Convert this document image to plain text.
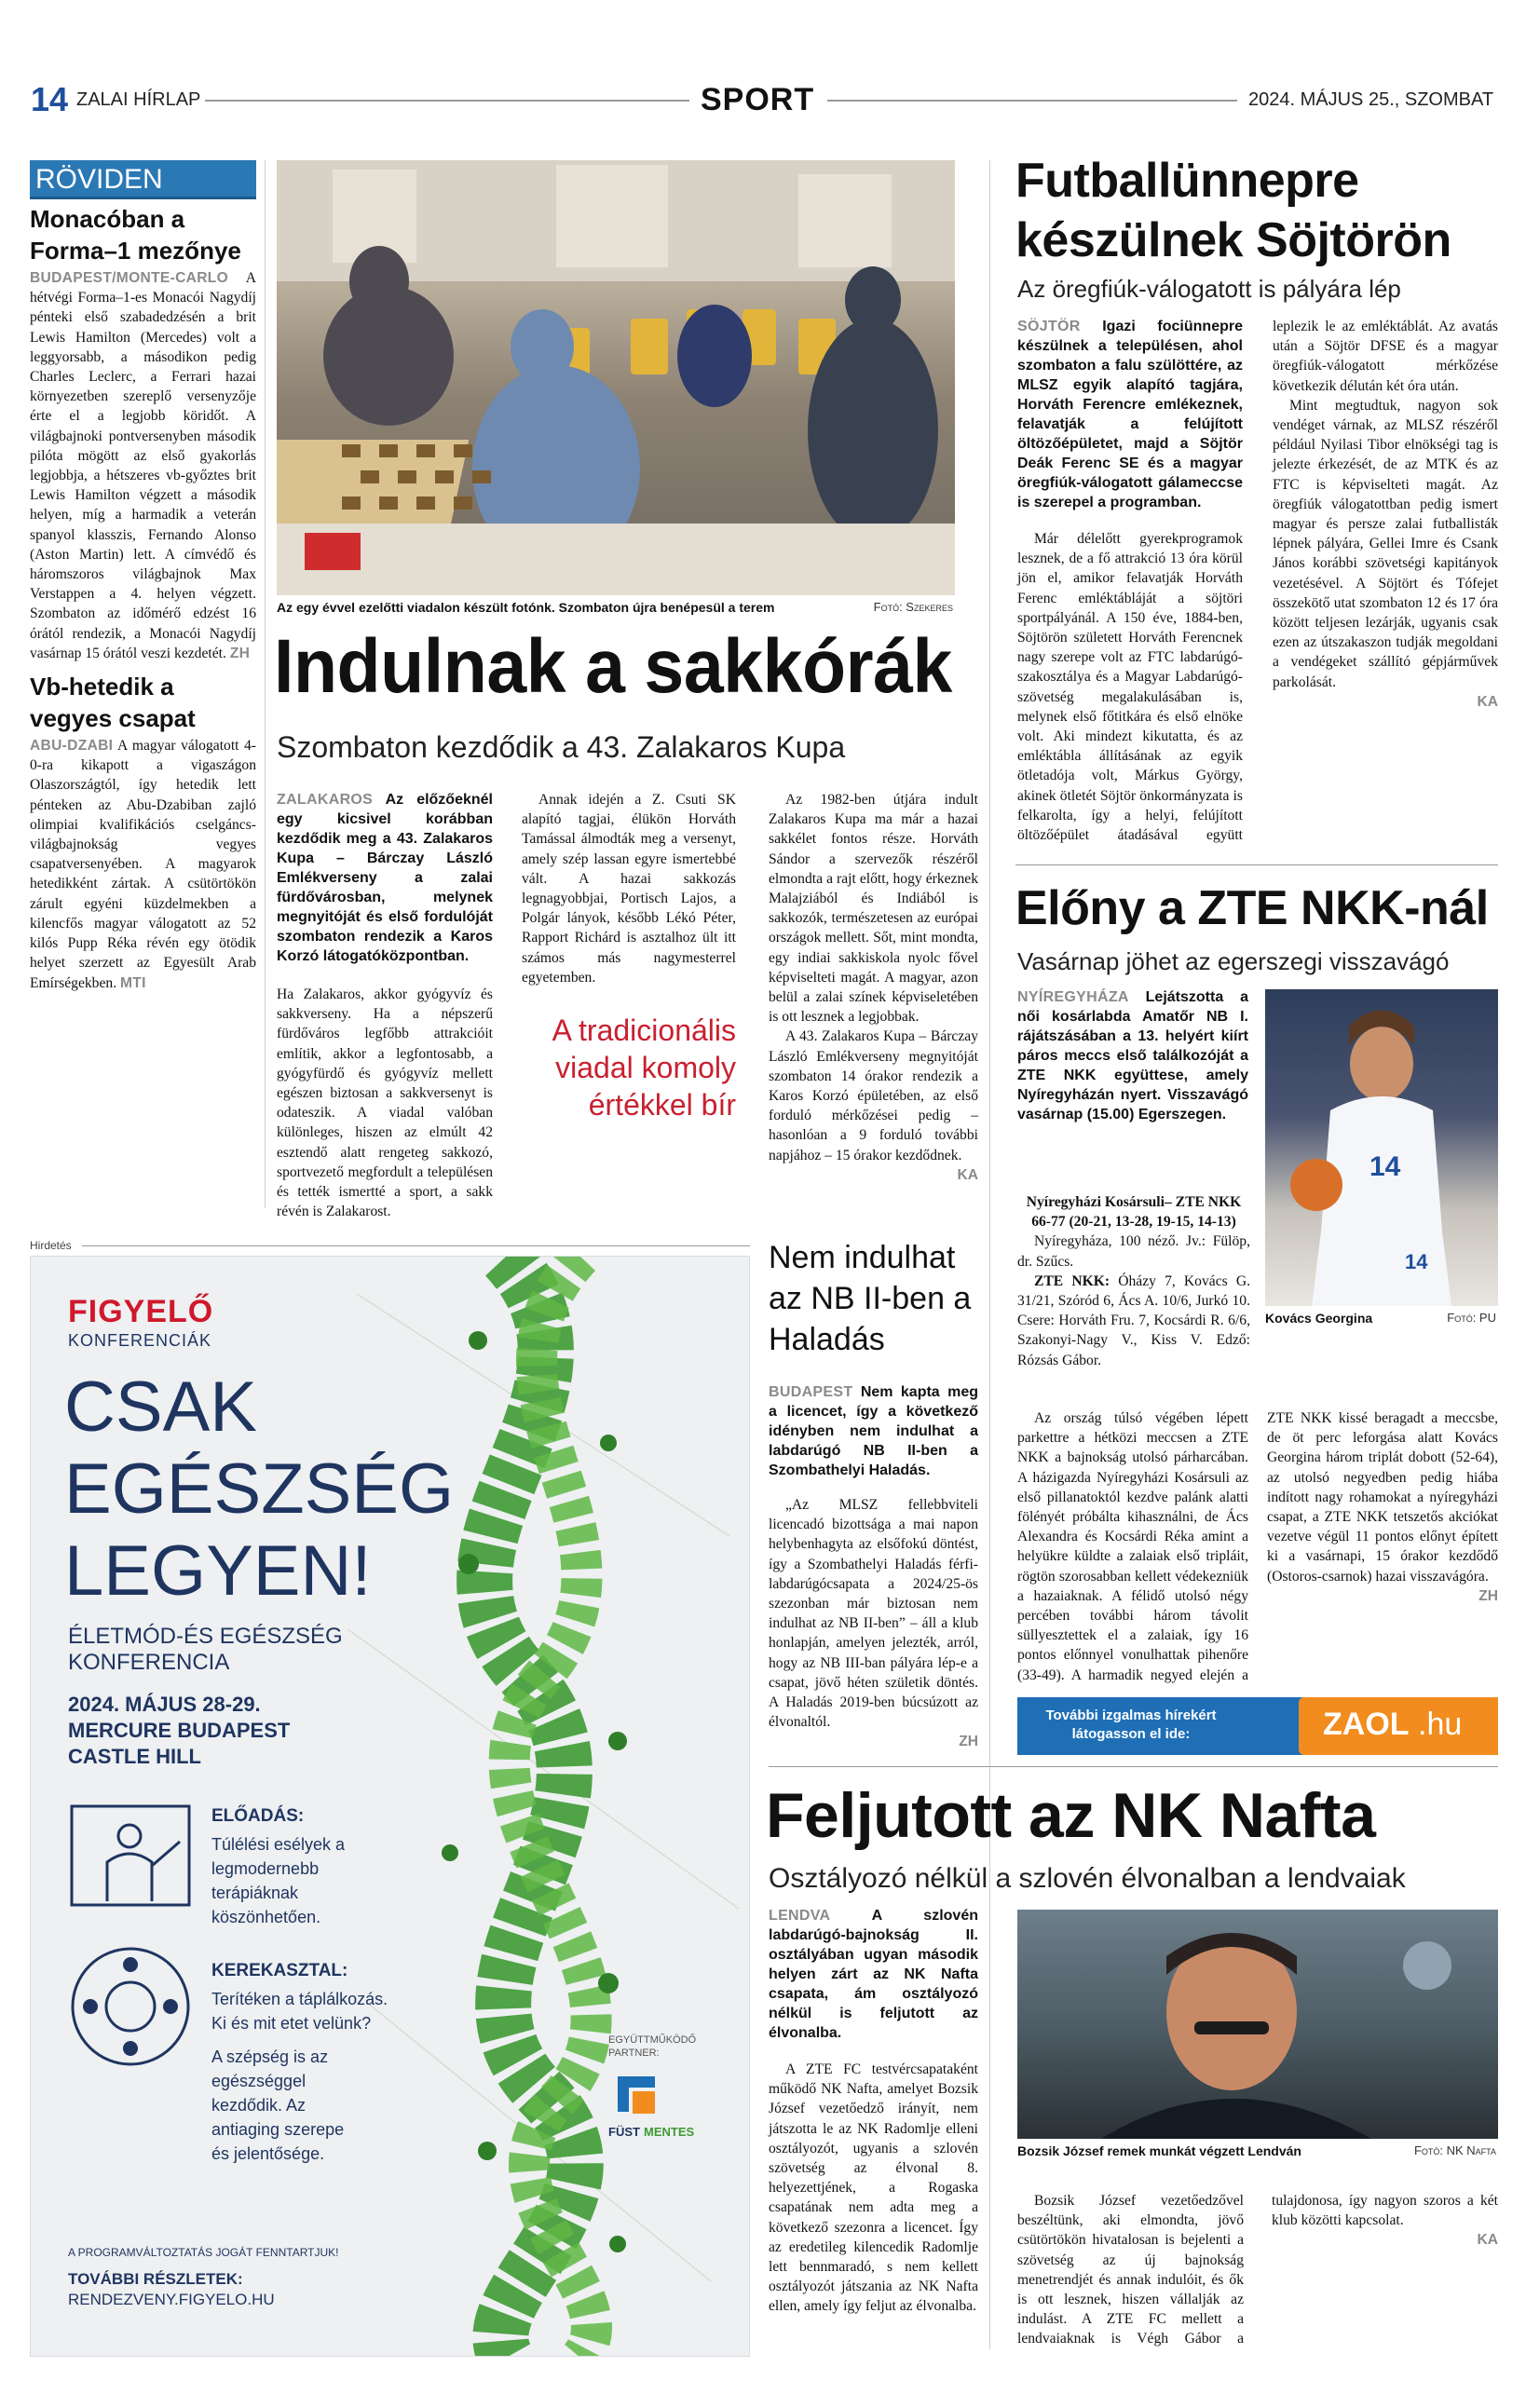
14 ZALAI HÍRLAP	SPORT	2024. MÁJUS 25., SZOMBAT
RÖVIDEN
Monacóban a Forma–1 mezőnye
BUDAPEST/MONTE-CARLO A hétvégi Forma–1-es Monacói Nagydíj pénteki első szabadedzésén a brit Lewis Hamilton (Mercedes) volt a leggyorsabb, a másodikon pedig Charles Leclerc, a Ferrari hazai környezetben szereplő versenyzője érte el a legjobb köridőt. A világbajnoki pontversenyben második pilóta mögött az első gyakorlás legjobbja, a hétszeres vb-győztes brit Lewis Hamilton végzett a második helyen, míg a harmadik a veterán spanyol klasszis, Fernando Alonso (Aston Martin) lett. A címvédő és háromszoros világbajnok Max Verstappen a 4. helyen végzett. Szombaton az időmérő edzést 16 órától rendezik, a Monacói Nagydíj vasárnap 15 órától veszi kezdetét. ZH
Vb-hetedik a vegyes csapat
ABU-DZABI A magyar válogatott 4-0-ra kikapott a vigaszágon Olaszországtól, így hetedik lett pénteken az Abu-Dzabiban zajló olimpiai kvalifikációs cselgáncs-világbajnokság vegyes csapatversenyében. A magyarok hetedikként zártak. A csütörtökön zárult egyéni küzdelmekben a kilencfős magyar válogatott az 52 kilós Pupp Réka révén egy ötödik helyet szerzett az Egyesült Arab Emírségekben. MTI
Az egy évvel ezelőtti viadalon készült fotónk. Szombaton újra benépesül a terem	Fotó: Szekeres
Indulnak a sakkórák
Szombaton kezdődik a 43. Zalakaros Kupa

ZALAKAROS Az előzőeknél egy kicsivel korábban kezdődik meg a 43. Zalakaros Kupa – Bárczay László Emlékverseny a zalai fürdővárosban, melynek megnyitóját és első fordulóját szombaton rendezik a Karos Korzó látogatóközpontban.

Ha Zalakaros, akkor gyógyvíz és sakkverseny. Ha a népszerű fürdőváros legfőbb attrakcióit említik, akkor a legfontosabb, a gyógyfürdő és gyógyvíz mellett egészen biztosan a sakkversenyt is odateszik. A viadal valóban különleges, hiszen az elmúlt 42 esztendő alatt rengeteg sakkozó, sportvezető megfordult a településen és tették ismertté a sport, a sakk révén is Zalakarost.

Annak idején a Z. Csuti SK alapító tagjai, élükön Horváth Tamással álmodták meg a versenyt, amely szép lassan egyre ismertebbé vált. A hazai sakkozás legnagyobbjai, Portisch Lajos, a Polgár lányok, később Lékó Péter, Rapport Richárd is asztalhoz ült itt számos más nagymesterrel egyetemben.

A tradicionális viadal komoly értékkel bír

Az 1982-ben útjára indult Zalakaros Kupa ma már a hazai sakkélet fontos része. Horváth Sándor a szervezők részéről elmondta a rajt előtt, hogy érkeznek Malajziából és Indiából is sakkozók, természetesen az európai országok mellett. Sőt, mint mondta, egy indiai sakkiskola nyolc fővel képviselteti magát. A magyar, azon belül a zalai színek képviseletében is ott lesznek a legjobbak.

A 43. Zalakaros Kupa – Bárczay László Emlékverseny megnyitóját szombaton 14 órakor rendezik a Karos Korzó épületében, az első forduló mérkőzései pedig – hasonlóan a 9 forduló további napjához – 15 órakor kezdődnek.

KA
Futballünnepre készülnek Söjtörön
Az öregfiúk-válogatott is pályára lép

SÖJTÖR Igazi fociünnepre készülnek a településen, ahol szombaton a falu szülöttére, az MLSZ egyik alapító tagjára, Horváth Ferencre emlékeznek, felavatják a felújított öltözőépületet, majd a Söjtör Deák Ferenc SE és a magyar öregfiúk-válogatott gálameccse is szerepel a programban.

Már délelőtt gyerekprogramok lesznek, de a fő attrakció 13 óra körül jön el, amikor felavatják Horváth Ferenc emléktábláját a söjtöri sportpályánál. A 150 éve, 1884-ben, Söjtörön született Horváth Ferencnek nagy szerepe volt az FTC labdarúgó-szakosztálya és a Magyar Labdarúgó-szövetség megalakulásában is, melynek első főtitkára és első elnöke volt. Aki mindezt kikutatta, és az emléktábla állításának az egyik ötletadója volt, Márkus György, akinek ötletét Söjtör önkormányzata is felkarolta, így a helyi, felújított öltözőépület átadásával együtt leplezik le az emléktáblát. Az avatás után a Söjtör DFSE és a magyar öregfiúk-válogatott mérkőzése következik délután két óra után.

Mint megtudtuk, nagyon sok vendéget várnak, az MLSZ részéről például Nyilasi Tibor elnökségi tag is jelezte érkezését, de az MTK és az FTC is képviselteti magát. Az öregfiúk válogatottban pedig ismert magyar és persze zalai futballisták lépnek pályára, Gellei Imre és Csank János korábbi szövetségi kapitányok vezetésével. A Söjtört és Tófejet összekötő utat szombaton 12 és 17 óra között teljesen lezárják, ugyanis csak ezen az útszakaszon tudják megoldani a vendégeket szállító gépjárművek parkolását.

KA
Előny a ZTE NKK-nál
Vasárnap jöhet az egerszegi visszavágó

NYÍREGYHÁZA Lejátszotta a női kosárlabda Amatőr NB I. rájátszásában a 13. helyért kiírt páros meccs első találkozóját a ZTE NKK együttese, amely Nyíregyházán nyert. Visszavágó vasárnap (15.00) Egerszegen.

14
14
Kovács Georgina	Fotó: PU

Nyíregyházi Kosársuli– ZTE NKK 66-77 (20-21, 13-28, 19-15, 14-13)

Nyíregyháza, 100 néző. Jv.: Fülöp, dr. Szűcs.

ZTE NKK: Óházy 7, Kovács G. 31/21, Szóród 6, Ács A. 10/6, Jurkó 10. Csere: Horváth Fru. 7, Kocsárdi R. 6/6, Szakonyi-Nagy V., Kiss V. Edző: Rózsás Gábor.

Az ország túlsó végében lépett parkettre a hétközi meccsen a ZTE NKK a bajnokság utolsó párharcában. A házigazda Nyíregyházi Kosársuli az első pillanatoktól kezdve palánk alatti fölényét próbálta kihasználni, de Ács Alexandra és Kocsárdi Réka amint a helyükre küldte a zalaiak első tripláit, rögtön szorosabban kellett védekezniük a hazaiaknak. A félidő utolsó négy percében további három távolit süllyesztettek el a zalaiak, így 16 pontos előnnyel vonulhattak pihenőre (33-49). A harmadik negyed elején a ZTE NKK kissé beragadt a meccsbe, de öt perc leforgása alatt Kovács Georgina három triplát dobott (52-64), az utolsó negyedben pedig hiába indított nagy rohamokat a nyíregyházi csapat, a ZTE NKK tetszetős akciókat vezetve végül 11 pontos előnyt épített ki a vasárnapi, 15 órakor kezdődő (Ostoros-csarnok) hazai visszavágóra.

ZH
További izgalmas hírekért látogasson el ide:	ZAOL .hu
Nem indulhat az NB II-ben a Haladás

BUDAPEST Nem kapta meg a licencet, így a következő idényben nem indulhat a labdarúgó NB II-ben a Szombathelyi Haladás.

„Az MLSZ fellebbviteli licencadó bizottsága a mai napon helybenhagyta az elsőfokú döntést, így a Szombathelyi Haladás férfi-labdarúgócsapata a 2024/25-ös szezonban már biztosan nem indulhat az NB II-ben” – áll a klub honlapján, amelyen jelezték, arról, hogy az NB III-ban pályára lép-e a csapat, jövő héten születik döntés. A Haladás 2019-ben búcsúzott az élvonaltól.

ZH
Feljutott az NK Nafta
Osztályozó nélkül a szlovén élvonalban a lendvaiak

LENDVA	A szlovén labdarúgó-bajnokság II. osztályában ugyan második helyen zárt az NK Nafta csapata, ám osztályozó nélkül is feljutott az élvonalba.

A ZTE FC testvércsapataként működő NK Nafta, amelyet Bozsik József vezetőedző irányít, nem játszotta le az NK Radomlje elleni osztályozót, ugyanis a szlovén szövetség az élvonal 8. helyezettjének, a Rogaska csapatának nem adta meg a következő szezonra a licencet. Így az eredetileg kilencedik Radomlje lett bennmaradó, s nem kellett osztályozót játszania az NK Nafta ellen, amely így feljut az élvonalba.

Bozsik József remek munkát végzett Lendván	Fotó: NK Nafta

Bozsik József vezetőedzővel beszéltünk, aki elmondta, jövő csütörtökön hivatalosan is bejelenti a szövetség az új bajnokság menetrendjét és annak indulóit, és ők is ott lesznek, hiszen vállalják az indulást. A ZTE FC mellett a lendvaiaknak is Végh Gábor a tulajdonosa, így nagyon szoros a két klub közötti kapcsolat.

KA
Hirdetés
FIGYELŐ
KONFERENCIÁK
CSAK
EGÉSZSÉG
LEGYEN!
ÉLETMÓD-ÉS EGÉSZSÉG KONFERENCIA
2024. MÁJUS 28-29.
MERCURE BUDAPEST
CASTLE HILL
ELŐADÁS:
Túlélési esélyek a legmodernebb terápiáknak köszönhetően.
KEREKASZTAL:
Terítéken a táplálkozás. Ki és mit etet velünk?
A szépség is az egészséggel kezdődik. Az antiaging szerepe és jelentősége.
EGYÜTTMŰKÖDŐ PARTNER:
FÜST MENTES
A PROGRAMVÁLTOZTATÁS JOGÁT FENNTARTJUK!
TOVÁBBI RÉSZLETEK:
RENDEZVENY.FIGYELO.HU
